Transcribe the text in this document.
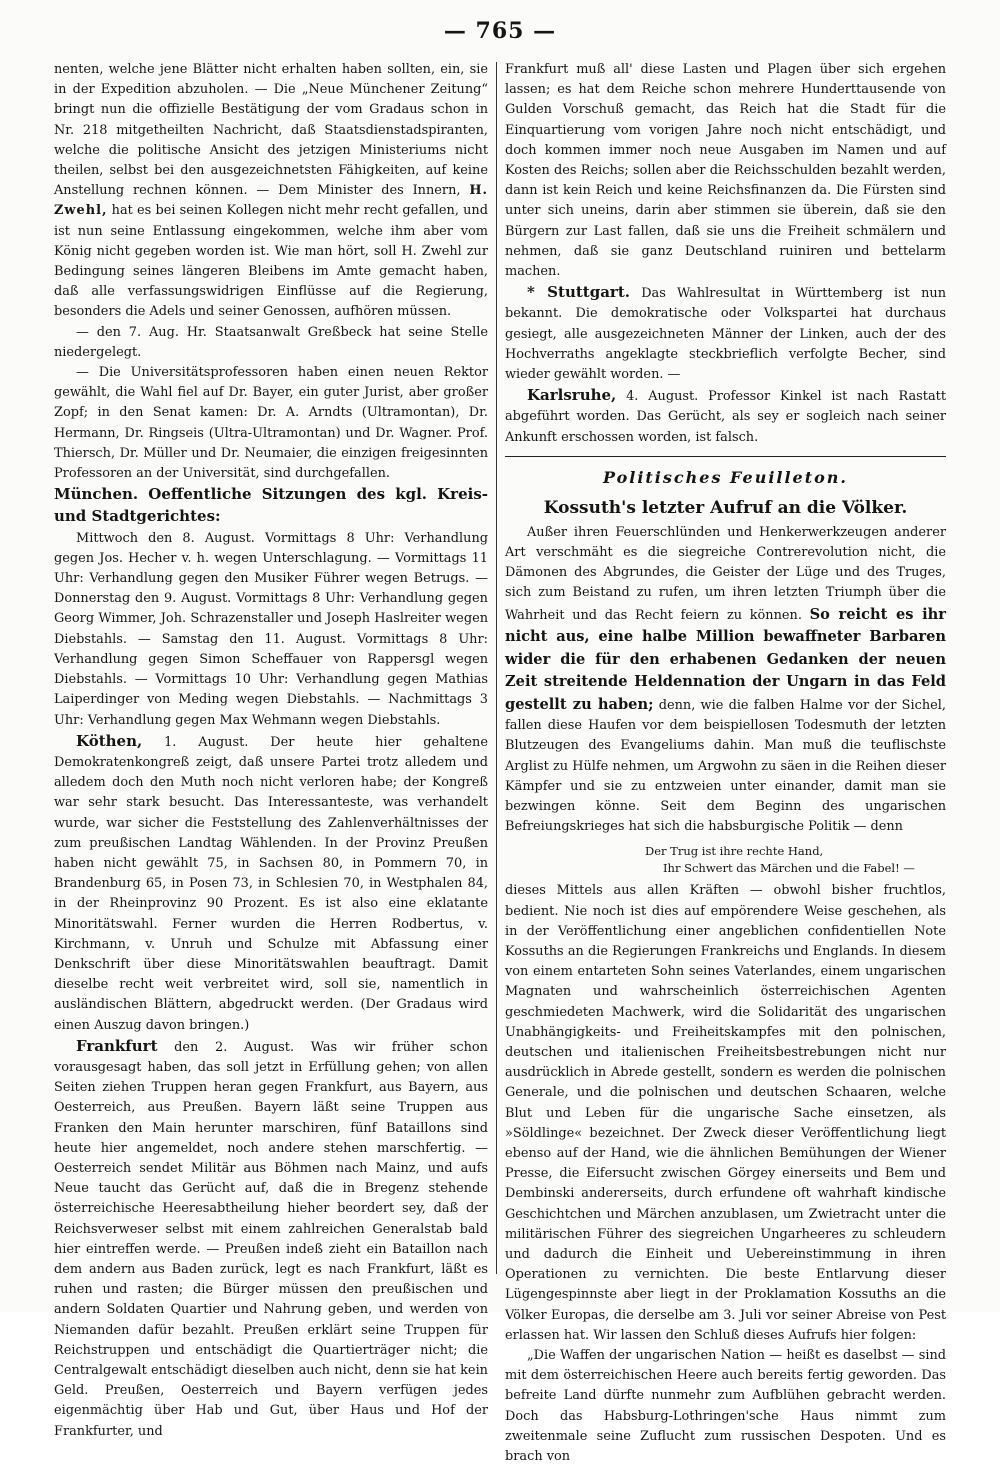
— 765 —

nenten, welche jene Blätter nicht erhalten haben sollten, ein, sie in der Expedition abzuholen. — Die „Neue Münchener Zeitung“ bringt nun die offizielle Bestätigung der vom Gradaus schon in Nr. 218 mitgetheilten Nachricht, daß Staatsdienstadspiranten, welche die politische Ansicht des jetzigen Ministeriums nicht theilen, selbst bei den ausgezeichnetsten Fähigkeiten, auf keine Anstellung rechnen können. — Dem Minister des Innern, H. Zwehl, hat es bei seinen Kollegen nicht mehr recht gefallen, und ist nun seine Entlassung eingekommen, welche ihm aber vom König nicht gegeben worden ist. Wie man hört, soll H. Zwehl zur Bedingung seines längeren Bleibens im Amte gemacht haben, daß alle verfassungswidrigen Einflüsse auf die Regierung, besonders die Adels und seiner Genossen, aufhören müssen.

— den 7. Aug. Hr. Staatsanwalt Greßbeck hat seine Stelle niedergelegt.

— Die Universitätsprofessoren haben einen neuen Rektor gewählt, die Wahl fiel auf Dr. Bayer, ein guter Jurist, aber großer Zopf; in den Senat kamen: Dr. A. Arndts (Ultramontan), Dr. Hermann, Dr. Ringseis (Ultra-Ultramontan) und Dr. Wagner. Prof. Thiersch, Dr. Müller und Dr. Neumaier, die einzigen freigesinnten Professoren an der Universität, sind durchgefallen.

München. Oeffentliche Sitzungen des kgl. Kreis- und Stadtgerichtes:

Mittwoch den 8. August. Vormittags 8 Uhr: Verhandlung gegen Jos. Hecher v. h. wegen Unterschlagung. — Vormittags 11 Uhr: Verhandlung gegen den Musiker Führer wegen Betrugs. — Donnerstag den 9. August. Vormittags 8 Uhr: Verhandlung gegen Georg Wimmer, Joh. Schrazenstaller und Joseph Haslreiter wegen Diebstahls. — Samstag den 11. August. Vormittags 8 Uhr: Verhandlung gegen Simon Scheffauer von Rappersgl wegen Diebstahls. — Vormittags 10 Uhr: Verhandlung gegen Mathias Laiperdinger von Meding wegen Diebstahls. — Nachmittags 3 Uhr: Verhandlung gegen Max Wehmann wegen Diebstahls.

Köthen, 1. August. Der heute hier gehaltene Demokratenkongreß zeigt, daß unsere Partei trotz alledem und alledem doch den Muth noch nicht verloren habe; der Kongreß war sehr stark besucht. Das Interessanteste, was verhandelt wurde, war sicher die Feststellung des Zahlenverhältnisses der zum preußischen Landtag Wählenden. In der Provinz Preußen haben nicht gewählt 75, in Sachsen 80, in Pommern 70, in Brandenburg 65, in Posen 73, in Schlesien 70, in Westphalen 84, in der Rheinprovinz 90 Prozent. Es ist also eine eklatante Minoritätswahl. Ferner wurden die Herren Rodbertus, v. Kirchmann, v. Unruh und Schulze mit Abfassung einer Denkschrift über diese Minoritätswahlen beauftragt. Damit dieselbe recht weit verbreitet wird, soll sie, namentlich in ausländischen Blättern, abgedruckt werden. (Der Gradaus wird einen Auszug davon bringen.)

Frankfurt den 2. August. Was wir früher schon vorausgesagt haben, das soll jetzt in Erfüllung gehen; von allen Seiten ziehen Truppen heran gegen Frankfurt, aus Bayern, aus Oesterreich, aus Preußen. Bayern läßt seine Truppen aus Franken den Main herunter marschiren, fünf Bataillons sind heute hier angemeldet, noch andere stehen marschfertig. — Oesterreich sendet Militär aus Böhmen nach Mainz, und aufs Neue taucht das Gerücht auf, daß die in Bregenz stehende österreichische Heeresabtheilung hieher beordert sey, daß der Reichsverweser selbst mit einem zahlreichen Generalstab bald hier eintreffen werde. — Preußen indeß zieht ein Bataillon nach dem andern aus Baden zurück, legt es nach Frankfurt, läßt es ruhen und rasten; die Bürger müssen den preußischen und andern Soldaten Quartier und Nahrung geben, und werden von Niemanden dafür bezahlt. Preußen erklärt seine Truppen für Reichstruppen und entschädigt die Quartierträger nicht; die Centralgewalt entschädigt dieselben auch nicht, denn sie hat kein Geld. Preußen, Oesterreich und Bayern verfügen jedes eigenmächtig über Hab und Gut, über Haus und Hof der Frankfurter, und

Frankfurt muß all' diese Lasten und Plagen über sich ergehen lassen; es hat dem Reiche schon mehrere Hunderttausende von Gulden Vorschuß gemacht, das Reich hat die Stadt für die Einquartierung vom vorigen Jahre noch nicht entschädigt, und doch kommen immer noch neue Ausgaben im Namen und auf Kosten des Reichs; sollen aber die Reichsschulden bezahlt werden, dann ist kein Reich und keine Reichsfinanzen da. Die Fürsten sind unter sich uneins, darin aber stimmen sie überein, daß sie den Bürgern zur Last fallen, daß sie uns die Freiheit schmälern und nehmen, daß sie ganz Deutschland ruiniren und bettelarm machen.

* Stuttgart. Das Wahlresultat in Württemberg ist nun bekannt. Die demokratische oder Volkspartei hat durchaus gesiegt, alle ausgezeichneten Männer der Linken, auch der des Hochverraths angeklagte steckbrieflich verfolgte Becher, sind wieder gewählt worden. —

Karlsruhe, 4. August. Professor Kinkel ist nach Rastatt abgeführt worden. Das Gerücht, als sey er sogleich nach seiner Ankunft erschossen worden, ist falsch.

Politisches Feuilleton.
Kossuth's letzter Aufruf an die Völker.

Außer ihren Feuerschlünden und Henkerwerkzeugen anderer Art verschmäht es die siegreiche Contrerevolution nicht, die Dämonen des Abgrundes, die Geister der Lüge und des Truges, sich zum Beistand zu rufen, um ihren letzten Triumph über die Wahrheit und das Recht feiern zu können. So reicht es ihr nicht aus, eine halbe Million bewaffneter Barbaren wider die für den erhabenen Gedanken der neuen Zeit streitende Heldennation der Ungarn in das Feld gestellt zu haben; denn, wie die falben Halme vor der Sichel, fallen diese Haufen vor dem beispiellosen Todesmuth der letzten Blutzeugen des Evangeliums dahin. Man muß die teuflischste Arglist zu Hülfe nehmen, um Argwohn zu säen in die Reihen dieser Kämpfer und sie zu entzweien unter einander, damit man sie bezwingen könne. Seit dem Beginn des ungarischen Befreiungskrieges hat sich die habsburgische Politik — denn

Der Trug ist ihre rechte Hand,
Ihr Schwert das Märchen und die Fabel! —

dieses Mittels aus allen Kräften — obwohl bisher fruchtlos, bedient. Nie noch ist dies auf empörendere Weise geschehen, als in der Veröffentlichung einer angeblichen confidentiellen Note Kossuths an die Regierungen Frankreichs und Englands. In diesem von einem entarteten Sohn seines Vaterlandes, einem ungarischen Magnaten und wahrscheinlich österreichischen Agenten geschmiedeten Machwerk, wird die Solidarität des ungarischen Unabhängigkeits- und Freiheitskampfes mit den polnischen, deutschen und italienischen Freiheitsbestrebungen nicht nur ausdrücklich in Abrede gestellt, sondern es werden die polnischen Generale, und die polnischen und deutschen Schaaren, welche Blut und Leben für die ungarische Sache einsetzen, als »Söldlinge« bezeichnet. Der Zweck dieser Veröffentlichung liegt ebenso auf der Hand, wie die ähnlichen Bemühungen der Wiener Presse, die Eifersucht zwischen Görgey einerseits und Bem und Dembinski andererseits, durch erfundene oft wahrhaft kindische Geschichtchen und Märchen anzublasen, um Zwietracht unter die militärischen Führer des siegreichen Ungarheeres zu schleudern und dadurch die Einheit und Uebereinstimmung in ihren Operationen zu vernichten. Die beste Entlarvung dieser Lügengespinnste aber liegt in der Proklamation Kossuths an die Völker Europas, die derselbe am 3. Juli vor seiner Abreise von Pest erlassen hat. Wir lassen den Schluß dieses Aufrufs hier folgen:

„Die Waffen der ungarischen Nation — heißt es daselbst — sind mit dem österreichischen Heere auch bereits fertig geworden. Das befreite Land dürfte nunmehr zum Aufblühen gebracht werden. Doch das Habsburg-Lothringen'sche Haus nimmt zum zweitenmale seine Zuflucht zum russischen Despoten. Und es brach von
